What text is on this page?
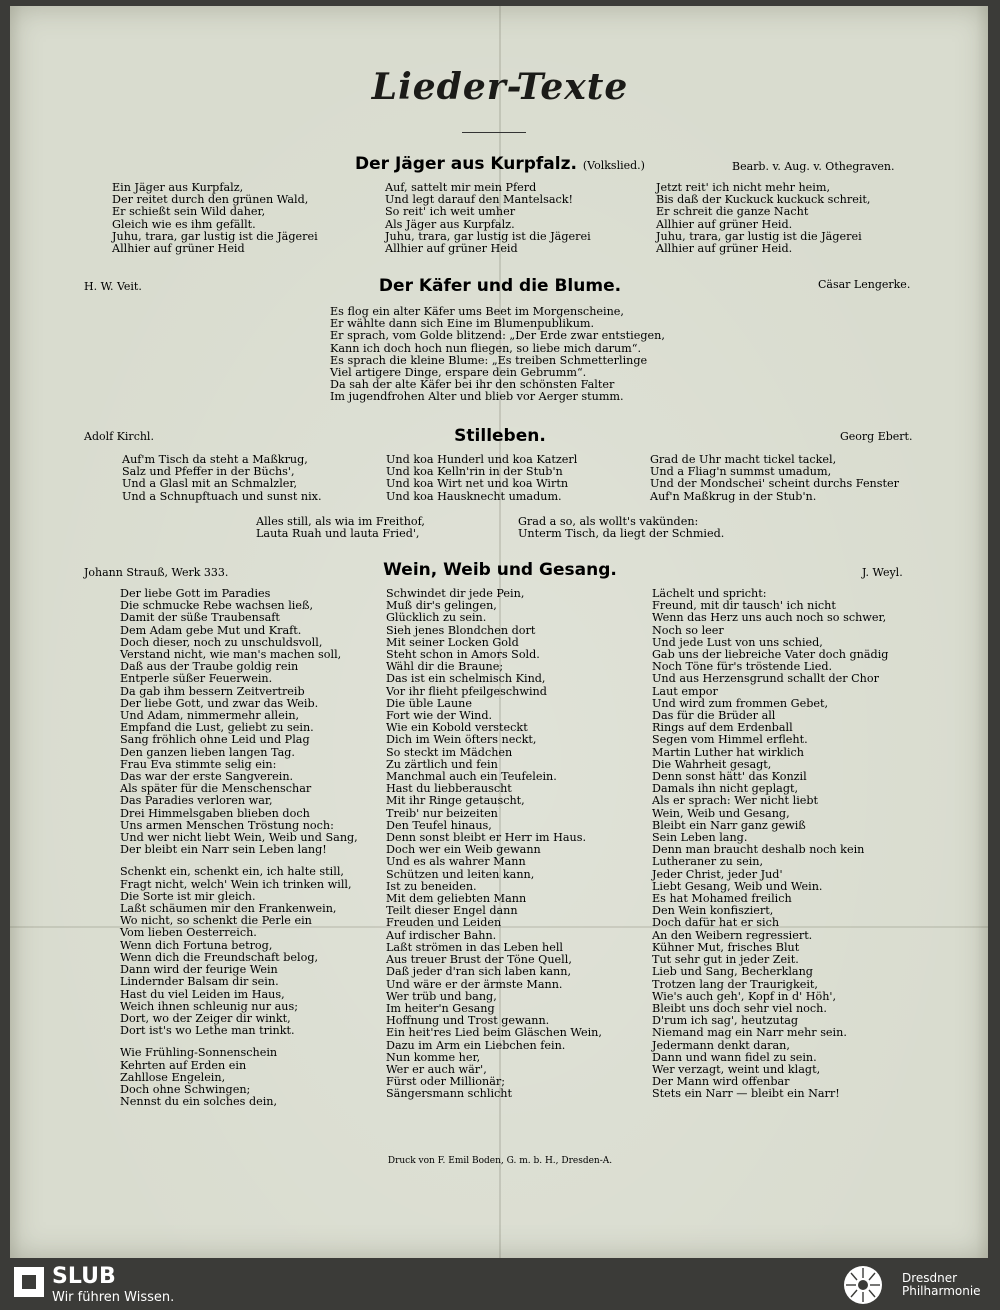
Lieder-Texte
Der Jäger aus Kurpfalz. (Volkslied.)	Bearb. v. Aug. v. Othegraven.
Ein Jäger aus Kurpfalz,
Der reitet durch den grünen Wald,
Er schießt sein Wild daher,
Gleich wie es ihm gefällt.
Juhu, trara, gar lustig ist die Jägerei
Allhier auf grüner Heid
Auf, sattelt mir mein Pferd
Und legt darauf den Mantelsack!
So reit' ich weit umher
Als Jäger aus Kurpfalz.
Juhu, trara, gar lustig ist die Jägerei
Allhier auf grüner Heid
Jetzt reit' ich nicht mehr heim,
Bis daß der Kuckuck kuckuck schreit,
Er schreit die ganze Nacht
Allhier auf grüner Heid.
Juhu, trara, gar lustig ist die Jägerei
Allhier auf grüner Heid.
H. W. Veit.	Der Käfer und die Blume.	Cäsar Lengerke.
Es flog ein alter Käfer ums Beet im Morgenscheine,
Er wählte dann sich Eine im Blumenpublikum.
Er sprach, vom Golde blitzend: „Der Erde zwar entstiegen,
Kann ich doch hoch nun fliegen, so liebe mich darum“.
Es sprach die kleine Blume: „Es treiben Schmetterlinge
Viel artigere Dinge, erspare dein Gebrumm“.
Da sah der alte Käfer bei ihr den schönsten Falter
Im jugendfrohen Alter und blieb vor Aerger stumm.
Adolf Kirchl.	Stilleben.	Georg Ebert.
Auf'm Tisch da steht a Maßkrug,
Salz und Pfeffer in der Büchs',
Und a Glasl mit an Schmalzler,
Und a Schnupftuach und sunst nix.
Und koa Hunderl und koa Katzerl
Und koa Kelln'rin in der Stub'n
Und koa Wirt net und koa Wirtn
Und koa Hausknecht umadum.
Grad de Uhr macht tickel tackel,
Und a Fliag'n summst umadum,
Und der Mondschei' scheint durchs Fenster
Auf'n Maßkrug in der Stub'n.
Alles still, als wia im Freithof,
Lauta Ruah und lauta Fried',
Grad a so, als wollt's vakünden:
Unterm Tisch, da liegt der Schmied.
Johann Strauß, Werk 333.	Wein, Weib und Gesang.	J. Weyl.
Der liebe Gott im Paradies
Die schmucke Rebe wachsen ließ,
Damit der süße Traubensaft
Dem Adam gebe Mut und Kraft.
Doch dieser, noch zu unschuldsvoll,
Verstand nicht, wie man's machen soll,
Daß aus der Traube goldig rein
Entperle süßer Feuerwein.
Da gab ihm bessern Zeitvertreib
Der liebe Gott, und zwar das Weib.
Und Adam, nimmermehr allein,
Empfand die Lust, geliebt zu sein.
Sang fröhlich ohne Leid und Plag
Den ganzen lieben langen Tag.
Frau Eva stimmte selig ein:
Das war der erste Sangverein.
Als später für die Menschenschar
Das Paradies verloren war,
Drei Himmelsgaben blieben doch
Uns armen Menschen Tröstung noch:
Und wer nicht liebt Wein, Weib und Sang,
Der bleibt ein Narr sein Leben lang!
Schenkt ein, schenkt ein, ich halte still,
Fragt nicht, welch' Wein ich trinken will,
Die Sorte ist mir gleich.
Laßt schäumen mir den Frankenwein,
Wo nicht, so schenkt die Perle ein
Vom lieben Oesterreich.
Wenn dich Fortuna betrog,
Wenn dich die Freundschaft belog,
Dann wird der feurige Wein
Lindernder Balsam dir sein.
Hast du viel Leiden im Haus,
Weich ihnen schleunig nur aus;
Dort, wo der Zeiger dir winkt,
Dort ist's wo Lethe man trinkt.
Wie Frühling-Sonnenschein
Kehrten auf Erden ein
Zahllose Engelein,
Doch ohne Schwingen;
Nennst du ein solches dein,
Schwindet dir jede Pein,
Muß dir's gelingen,
Glücklich zu sein.
Sieh jenes Blondchen dort
Mit seiner Locken Gold
Steht schon in Amors Sold.
Wähl dir die Braune;
Das ist ein schelmisch Kind,
Vor ihr flieht pfeilgeschwind
Die üble Laune
Fort wie der Wind.
Wie ein Kobold versteckt
Dich im Wein öfters neckt,
So steckt im Mädchen
Zu zärtlich und fein
Manchmal auch ein Teufelein.
Hast du liebberauscht
Mit ihr Ringe getauscht,
Treib' nur beizeiten
Den Teufel hinaus,
Denn sonst bleibt er Herr im Haus.
Doch wer ein Weib gewann
Und es als wahrer Mann
Schützen und leiten kann,
Ist zu beneiden.
Mit dem geliebten Mann
Teilt dieser Engel dann
Freuden und Leiden
Auf irdischer Bahn.
Laßt strömen in das Leben hell
Aus treuer Brust der Töne Quell,
Daß jeder d'ran sich laben kann,
Und wäre er der ärmste Mann.
Wer trüb und bang,
Im heiter'n Gesang
Hoffnung und Trost gewann.
Ein heit'res Lied beim Gläschen Wein,
Dazu im Arm ein Liebchen fein.
Nun komme her,
Wer er auch wär',
Fürst oder Millionär;
Sängersmann schlicht
Lächelt und spricht:
Freund, mit dir tausch' ich nicht
Wenn das Herz uns auch noch so schwer,
Noch so leer
Und jede Lust von uns schied,
Gab uns der liebreiche Vater doch gnädig
Noch Töne für's tröstende Lied.
Und aus Herzensgrund schallt der Chor
Laut empor
Und wird zum frommen Gebet,
Das für die Brüder all
Rings auf dem Erdenball
Segen vom Himmel erfleht.
Martin Luther hat wirklich
Die Wahrheit gesagt,
Denn sonst hätt' das Konzil
Damals ihn nicht geplagt,
Als er sprach: Wer nicht liebt
Wein, Weib und Gesang,
Bleibt ein Narr ganz gewiß
Sein Leben lang.
Denn man braucht deshalb noch kein
Lutheraner zu sein,
Jeder Christ, jeder Jud'
Liebt Gesang, Weib und Wein.
Es hat Mohamed freilich
Den Wein konfisziert,
Doch dafür hat er sich
An den Weibern regressiert.
Kühner Mut, frisches Blut
Tut sehr gut in jeder Zeit.
Lieb und Sang, Becherklang
Trotzen lang der Traurigkeit,
Wie's auch geh', Kopf in d' Höh',
Bleibt uns doch sehr viel noch.
D'rum ich sag', heutzutag
Niemand mag ein Narr mehr sein.
Jedermann denkt daran,
Dann und wann fidel zu sein.
Wer verzagt, weint und klagt,
Der Mann wird offenbar
Stets ein Narr — bleibt ein Narr!
Druck von F. Emil Boden, G. m. b. H., Dresden-A.
SLUB
Wir führen Wissen.
Dresdner
Philharmonie
